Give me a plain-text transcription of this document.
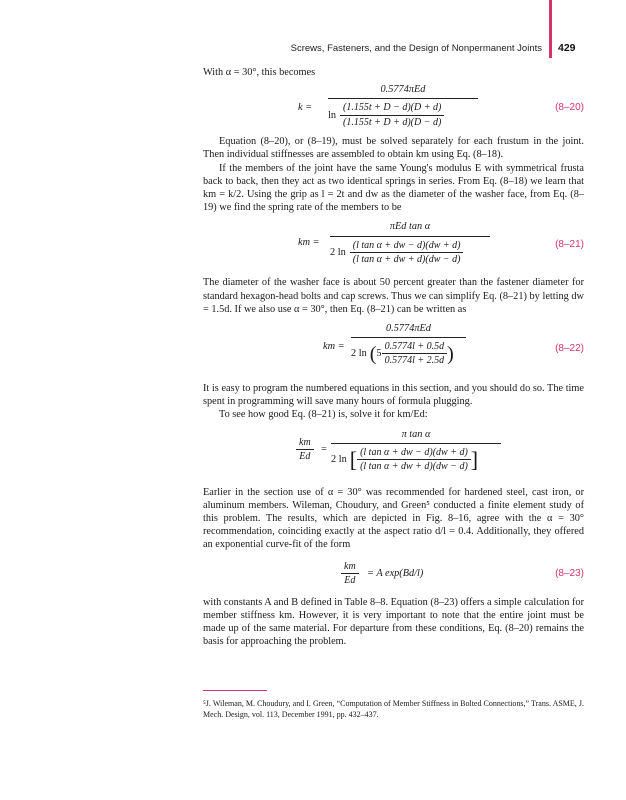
Screws, Fasteners, and the Design of Nonpermanent Joints 429

With α = 30°, this becomes

k =
0.5774πEd
$\ln \frac{(1.155t + D - d)(D + d)}{(1.155t + D + d)(D - d)}$	(8–20)

Equation (8–20), or (8–19), must be solved separately for each frustum in the joint. Then individual stiffnesses are assembled to obtain km using Eq. (8–18).

If the members of the joint have the same Young's modulus E with symmetrical frusta back to back, then they act as two identical springs in series. From Eq. (8–18) we learn that km = k/2. Using the grip as l = 2t and dw as the diameter of the washer face, from Eq. (8–19) we find the spring rate of the members to be

km =
πEd tan α
2 $\ln \frac{\text{(l tan α + dw − d)(dw + d)}}{\text{(l tan α + dw + d)(dw − d)}}$	(8–21)

The diameter of the washer face is about 50 percent greater than the fastener diameter for standard hexagon-head bolts and cap screws. Thus we can simplify Eq. (8–21) by letting dw = 1.5d. If we also use α = 30°, then Eq. (8–21) can be written as

km =
0.5774πEd
2 ln ( $5 \frac{0.5774l + 0.5d}{0.5774l + 2.5d}$ )	(8–22)

It is easy to program the numbered equations in this section, and you should do so. The time spent in programming will save many hours of formula plugging.

To see how good Eq. (8–21) is, solve it for km/Ed:

$\frac{km}{Ed}$ =
π tan α
2 ln [ $\frac{\text{(l tan α + dw − d)(dw + d)}}{\text{(l tan α + dw + d)(dw − d)}}$ ]

Earlier in the section use of α = 30° was recommended for hardened steel, cast iron, or aluminum members. Wileman, Choudury, and Green⁵ conducted a finite element study of this problem. The results, which are depicted in Fig. 8–16, agree with the α = 30° recommendation, coinciding exactly at the aspect ratio d/l = 0.4. Additionally, they offered an exponential curve-fit of the form

$\frac{km}{Ed} = A$ exp(Bd/l)	(8–23)

with constants A and B defined in Table 8–8. Equation (8–23) offers a simple calculation for member stiffness km. However, it is very important to note that the entire joint must be made up of the same material. For departure from these conditions, Eq. (8–20) remains the basis for approaching the problem.

⁵J. Wileman, M. Choudury, and I. Green, “Computation of Member Stiffness in Bolted Connections,” Trans. ASME, J. Mech. Design, vol. 113, December 1991, pp. 432–437.
